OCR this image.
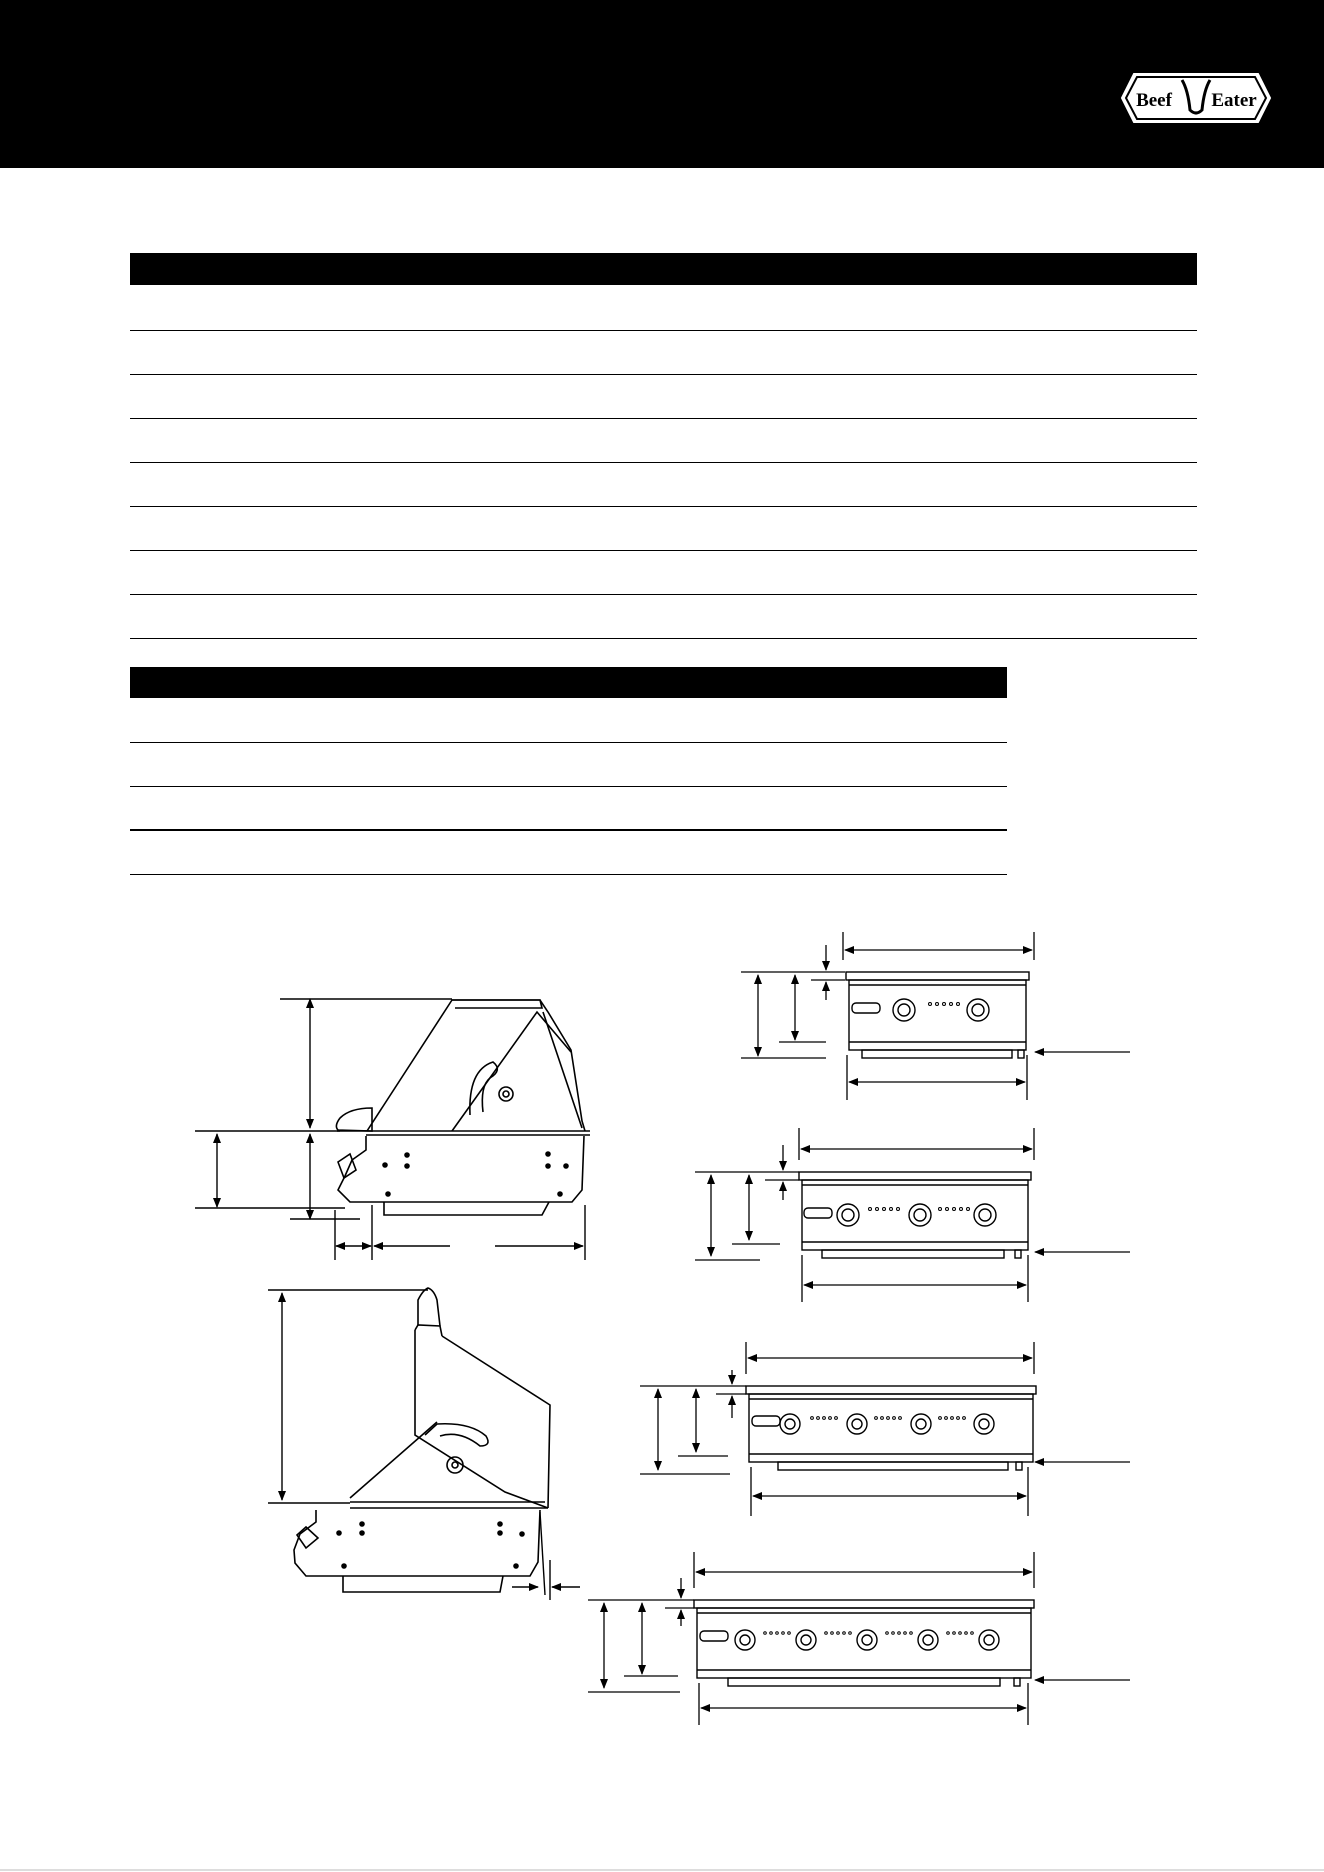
Beef Eater
